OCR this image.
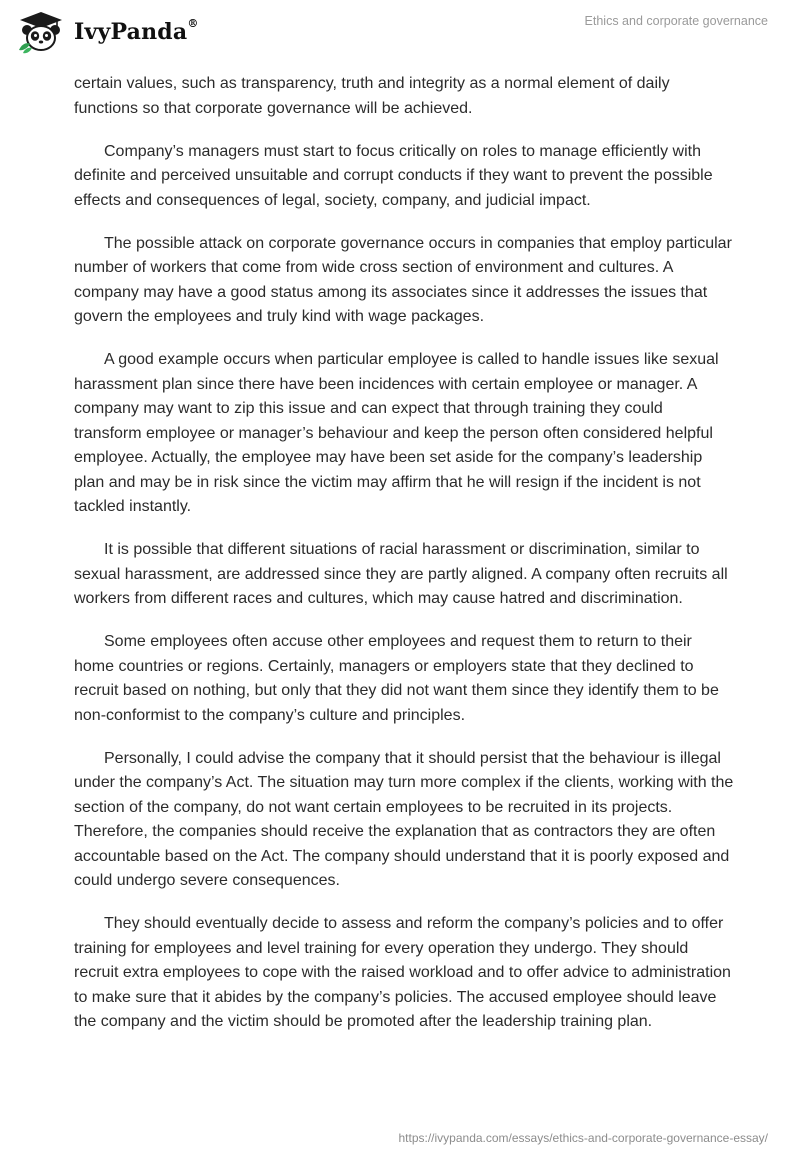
IvyPanda®	Ethics and corporate governance

certain values, such as transparency, truth and integrity as a normal element of daily functions so that corporate governance will be achieved.

Company’s managers must start to focus critically on roles to manage efficiently with definite and perceived unsuitable and corrupt conducts if they want to prevent the possible effects and consequences of legal, society, company, and judicial impact.

The possible attack on corporate governance occurs in companies that employ particular number of workers that come from wide cross section of environment and cultures. A company may have a good status among its associates since it addresses the issues that govern the employees and truly kind with wage packages.

A good example occurs when particular employee is called to handle issues like sexual harassment plan since there have been incidences with certain employee or manager. A company may want to zip this issue and can expect that through training they could transform employee or manager’s behaviour and keep the person often considered helpful employee. Actually, the employee may have been set aside for the company’s leadership plan and may be in risk since the victim may affirm that he will resign if the incident is not tackled instantly.

It is possible that different situations of racial harassment or discrimination, similar to sexual harassment, are addressed since they are partly aligned. A company often recruits all workers from different races and cultures, which may cause hatred and discrimination.

Some employees often accuse other employees and request them to return to their home countries or regions. Certainly, managers or employers state that they declined to recruit based on nothing, but only that they did not want them since they identify them to be non-conformist to the company’s culture and principles.

Personally, I could advise the company that it should persist that the behaviour is illegal under the company’s Act. The situation may turn more complex if the clients, working with the section of the company, do not want certain employees to be recruited in its projects. Therefore, the companies should receive the explanation that as contractors they are often accountable based on the Act. The company should understand that it is poorly exposed and could undergo severe consequences.

They should eventually decide to assess and reform the company’s policies and to offer training for employees and level training for every operation they undergo. They should recruit extra employees to cope with the raised workload and to offer advice to administration to make sure that it abides by the company’s policies. The accused employee should leave the company and the victim should be promoted after the leadership training plan.

https://ivypanda.com/essays/ethics-and-corporate-governance-essay/
